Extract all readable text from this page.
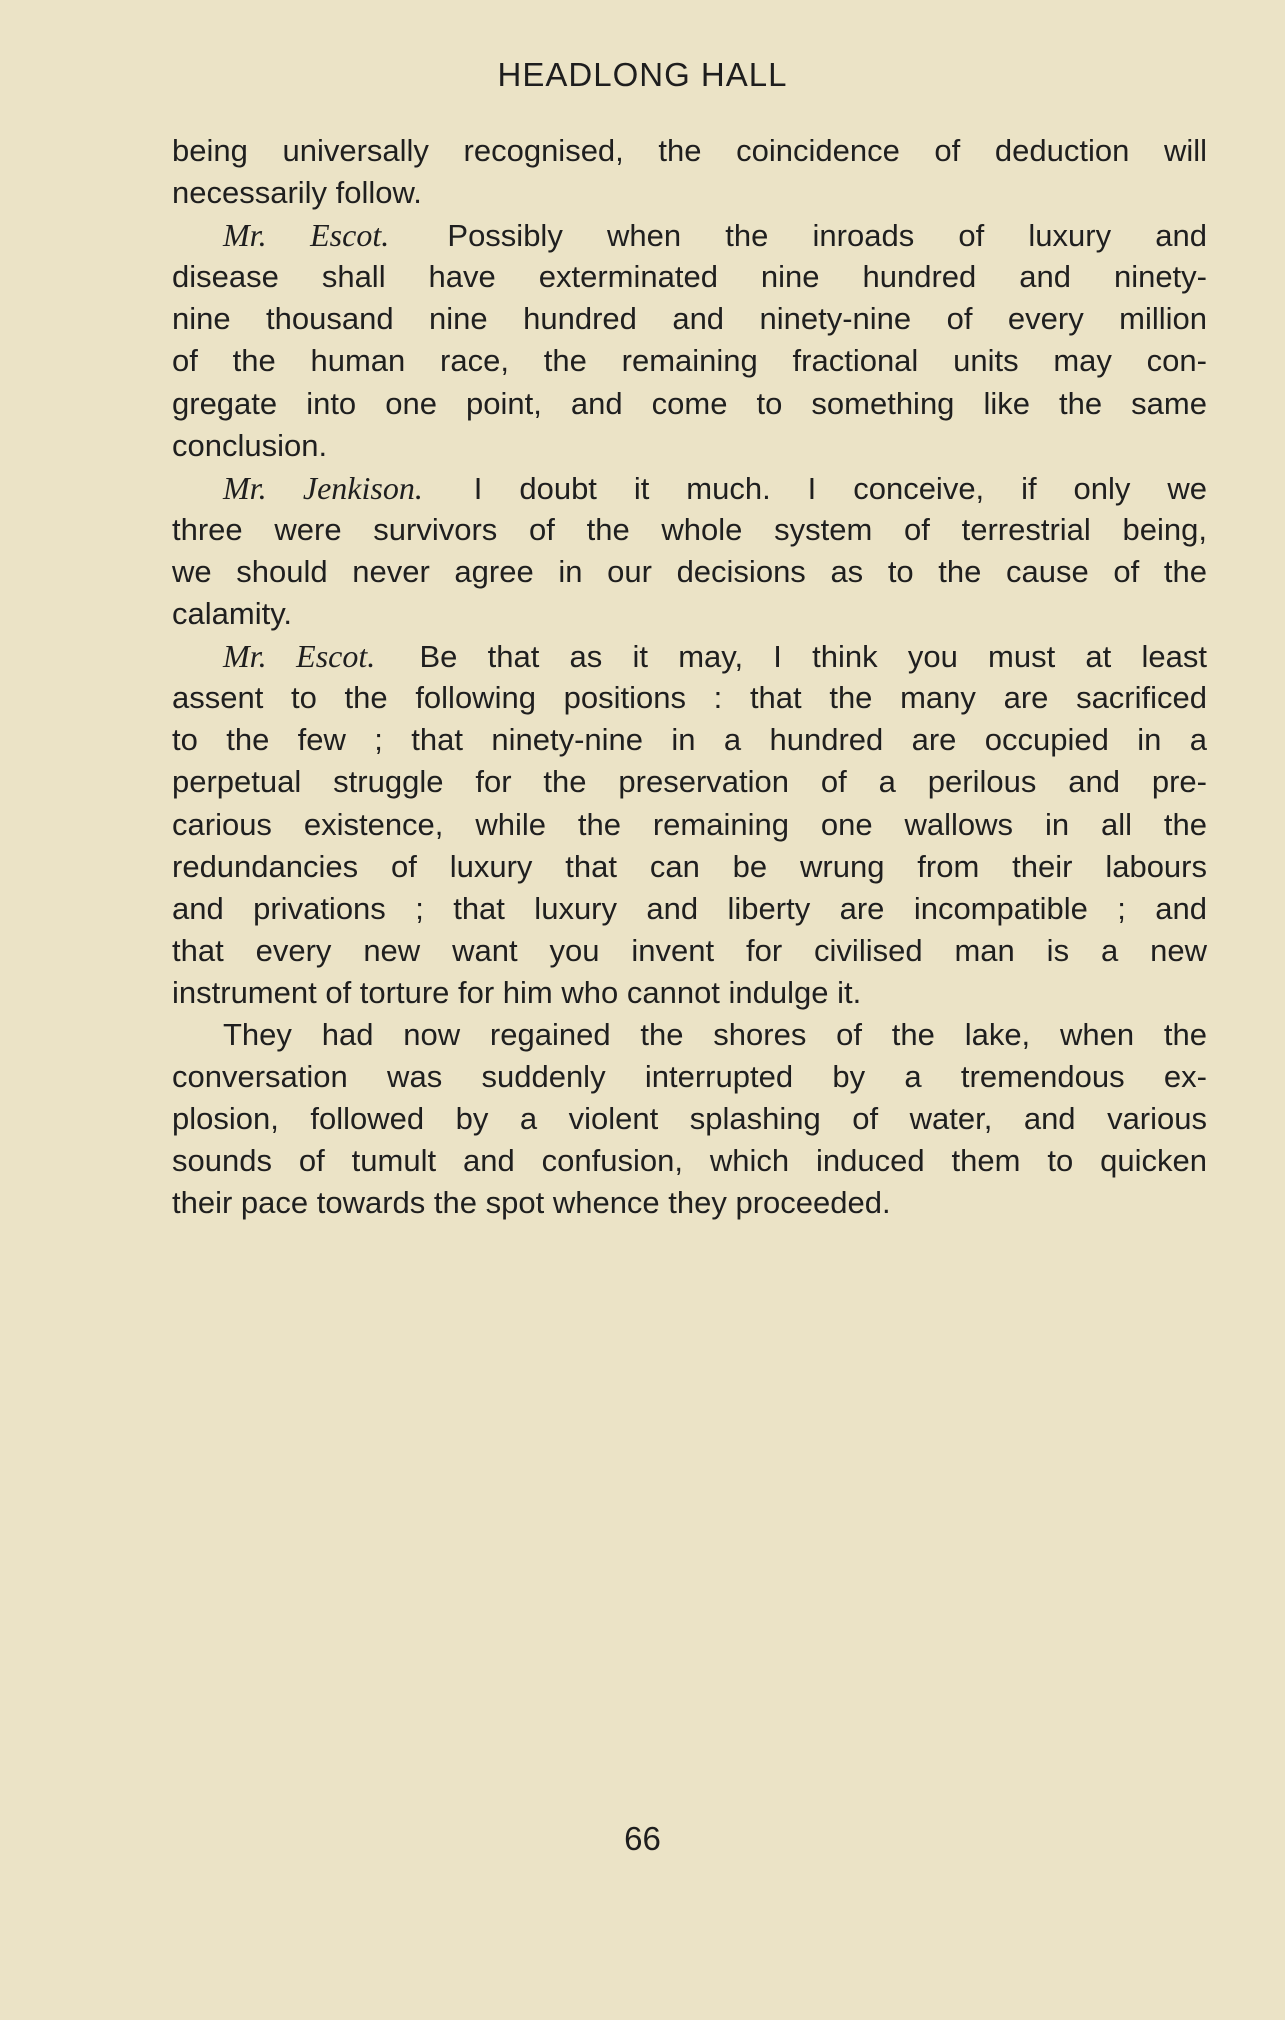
HEADLONG HALL
being universally recognised, the coincidence of deduction will
necessarily follow.
Mr. Escot. Possibly when the inroads of luxury and
disease shall have exterminated nine hundred and ninety-
nine thousand nine hundred and ninety-nine of every million
of the human race, the remaining fractional units may con-
gregate into one point, and come to something like the same
conclusion.
Mr. Jenkison. I doubt it much. I conceive, if only we
three were survivors of the whole system of terrestrial being,
we should never agree in our decisions as to the cause of the
calamity.
Mr. Escot. Be that as it may, I think you must at least
assent to the following positions : that the many are sacrificed
to the few ; that ninety-nine in a hundred are occupied in a
perpetual struggle for the preservation of a perilous and pre-
carious existence, while the remaining one wallows in all the
redundancies of luxury that can be wrung from their labours
and privations ; that luxury and liberty are incompatible ; and
that every new want you invent for civilised man is a new
instrument of torture for him who cannot indulge it.
They had now regained the shores of the lake, when the
conversation was suddenly interrupted by a tremendous ex-
plosion, followed by a violent splashing of water, and various
sounds of tumult and confusion, which induced them to quicken
their pace towards the spot whence they proceeded.
66
